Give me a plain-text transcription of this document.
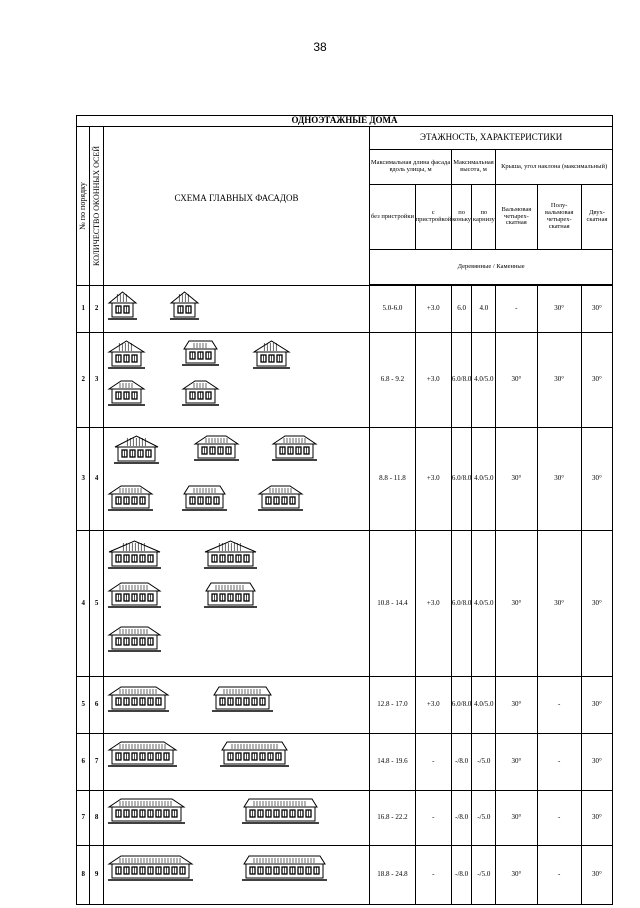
38
ОДНОЭТАЖНЫЕ ДОМА									

№ по порядку	КОЛИЧЕСТВО ОКОННЫХ ОСЕЙ	СХЕМА ГЛАВНЫХ ФАСАДОВ	ЭТАЖНОСТЬ, ХАРАКТЕРИСТИКИ						
			Максимальная длина фасада вдоль улицы, м		Максимальная высота, м		Крыша, угол наклона (максимальный)		
			без пристройки	с пристройкой	по коньку	по карнизу	Вальмовая четырех-скатная	Полу-вальмовая четырех-скатная	Двух-скатная
			Деревянные / Каменные						

1	2		5.0-6.0	+3.0	6.0	4.0	-	30°	30°
2	3		6.8 - 9.2	+3.0	6.0/8.0	4.0/5.0	30°	30°	30°
3	4		8.8 - 11.8	+3.0	6.0/8.0	4.0/5.0	30°	30°	30°
4	5		10.8 - 14.4	+3.0	6.0/8.0	4.0/5.0	30°	30°	30°
5	6		12.8 - 17.0	+3.0	6.0/8.0	4.0/5.0	30°	-	30°
6	7		14.8 - 19.6	-	-/8.0	-/5.0	30°	-	30°
7	8		16.8 - 22.2	-	-/8.0	-/5.0	30°	-	30°
8	9		18.8 - 24.8	-	-/8.0	-/5.0	30°	-	30°
